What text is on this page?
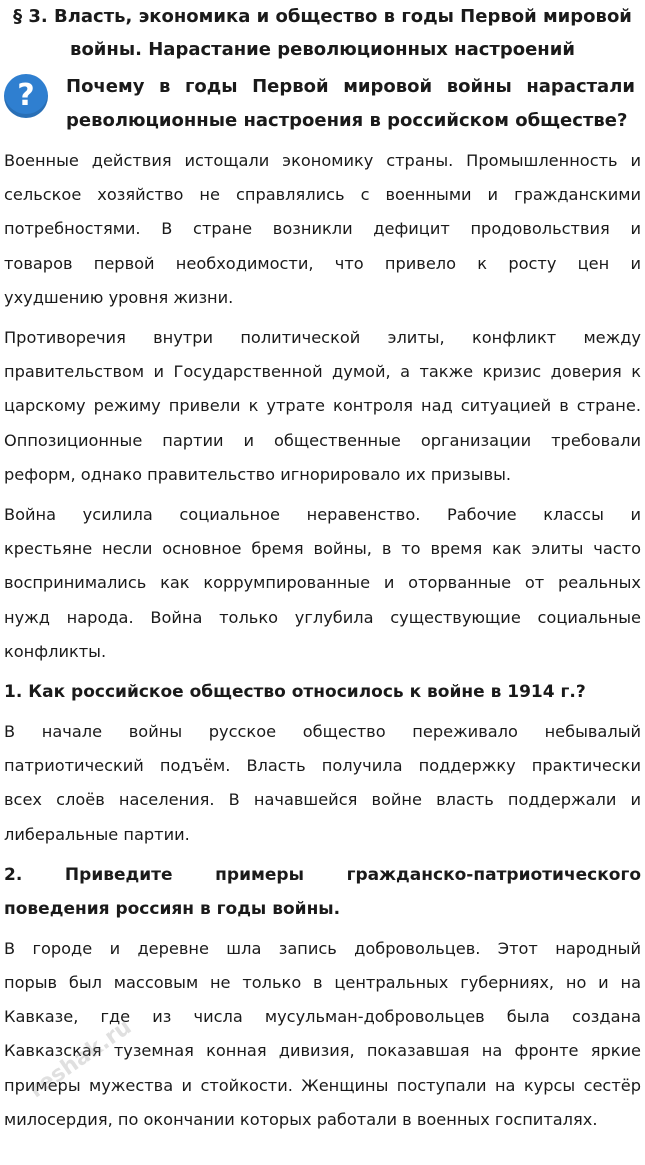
§ 3. Власть, экономика и общество в годы Первой мировой
войны. Нарастание революционных настроений
?	Почему в годы Первой мировой войны нарастали
революционные настроения в российском обществе?
Военные действия истощали экономику страны. Промышленность и
сельское хозяйство не справлялись с военными и гражданскими
потребностями. В стране возникли дефицит продовольствия и
товаров первой необходимости, что привело к росту цен и
ухудшению уровня жизни.
Противоречия внутри политической элиты, конфликт между
правительством и Государственной думой, а также кризис доверия к
царскому режиму привели к утрате контроля над ситуацией в стране.
Оппозиционные партии и общественные организации требовали
реформ, однако правительство игнорировало их призывы.
Война усилила социальное неравенство. Рабочие классы и
крестьяне несли основное бремя войны, в то время как элиты часто
воспринимались как коррумпированные и оторванные от реальных
нужд народа. Война только углубила существующие социальные
конфликты.
1. Как российское общество относилось к войне в 1914 г.?
В начале войны русское общество переживало небывалый
патриотический подъём. Власть получила поддержку практически
всех слоёв населения. В начавшейся войне власть поддержали и
либеральные партии.
2. Приведите примеры гражданско-патриотического
поведения россиян в годы войны.
В городе и деревне шла запись добровольцев. Этот народный
порыв был массовым не только в центральных губерниях, но и на
Кавказе, где из числа мусульман-добровольцев была создана
Кавказская туземная конная дивизия, показавшая на фронте яркие
примеры мужества и стойкости. Женщины поступали на курсы сестёр
милосердия, по окончании которых работали в военных госпиталях.
reshak.ru
